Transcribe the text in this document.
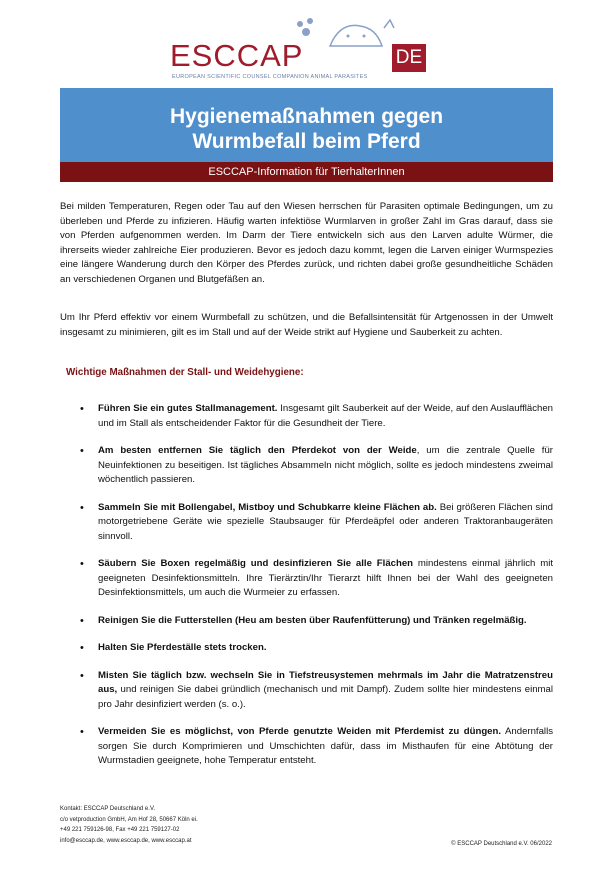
ESCCAP	DE
EUROPEAN SCIENTIFIC COUNSEL COMPANION ANIMAL PARASITES
Hygienemaßnahmen gegen
Wurmbefall beim Pferd
ESCCAP-Information für TierhalterInnen
Bei milden Temperaturen, Regen oder Tau auf den Wiesen herrschen für Parasiten optimale Bedingungen, um zu überleben und Pferde zu infizieren. Häufig warten infektiöse Wurmlarven in großer Zahl im Gras darauf, dass sie von Pferden aufgenommen werden. Im Darm der Tiere entwickeln sich aus den Larven adulte Würmer, die ihrerseits wieder zahlreiche Eier produzieren. Bevor es jedoch dazu kommt, legen die Larven einiger Wurmspezies eine längere Wanderung durch den Körper des Pferdes zurück, und richten dabei große gesundheitliche Schäden an verschiedenen Organen und Blutgefäßen an.
Um Ihr Pferd effektiv vor einem Wurmbefall zu schützen, und die Befallsintensität für Artgenossen in der Umwelt insgesamt zu minimieren, gilt es im Stall und auf der Weide strikt auf Hygiene und Sauberkeit zu achten.
Wichtige Maßnahmen der Stall- und Weidehygiene:
• Führen Sie ein gutes Stallmanagement. Insgesamt gilt Sauberkeit auf der Weide, auf den Auslaufflächen und im Stall als entscheidender Faktor für die Gesundheit der Tiere.
• Am besten entfernen Sie täglich den Pferdekot von der Weide, um die zentrale Quelle für Neuinfektionen zu beseitigen. Ist tägliches Absammeln nicht möglich, sollte es jedoch mindestens zweimal wöchentlich passieren.
• Sammeln Sie mit Bollengabel, Mistboy und Schubkarre kleine Flächen ab. Bei größeren Flächen sind motorgetriebene Geräte wie spezielle Staubsauger für Pferdeäpfel oder anderen Traktoranbaugeräten sinnvoll.
• Säubern Sie Boxen regelmäßig und desinfizieren Sie alle Flächen mindestens einmal jährlich mit geeigneten Desinfektionsmitteln. Ihre Tierärztin/Ihr Tierarzt hilft Ihnen bei der Wahl des geeigneten Desinfektionsmittels, um auch die Wurmeier zu erfassen.
• Reinigen Sie die Futterstellen (Heu am besten über Raufenfütterung) und Tränken regelmäßig.
• Halten Sie Pferdeställe stets trocken.
• Misten Sie täglich bzw. wechseln Sie in Tiefstreusystemen mehrmals im Jahr die Matratzenstreu aus, und reinigen Sie dabei gründlich (mechanisch und mit Dampf). Zudem sollte hier mindestens einmal pro Jahr desinfiziert werden (s. o.).
• Vermeiden Sie es möglichst, von Pferde genutzte Weiden mit Pferdemist zu düngen. Andernfalls sorgen Sie durch Komprimieren und Umschichten dafür, dass im Misthaufen für eine Abtötung der Wurmstadien geeignete, hohe Temperatur entsteht.
Kontakt: ESCCAP Deutschland e.V.
c/o vetproduction GmbH, Am Hof 28, 50667 Köln ei.
+49 221 759126-98, Fax +49 221 759127-02
info@esccap.de, www.esccap.de, www.esccap.at
© ESCCAP Deutschland e.V. 06/2022
